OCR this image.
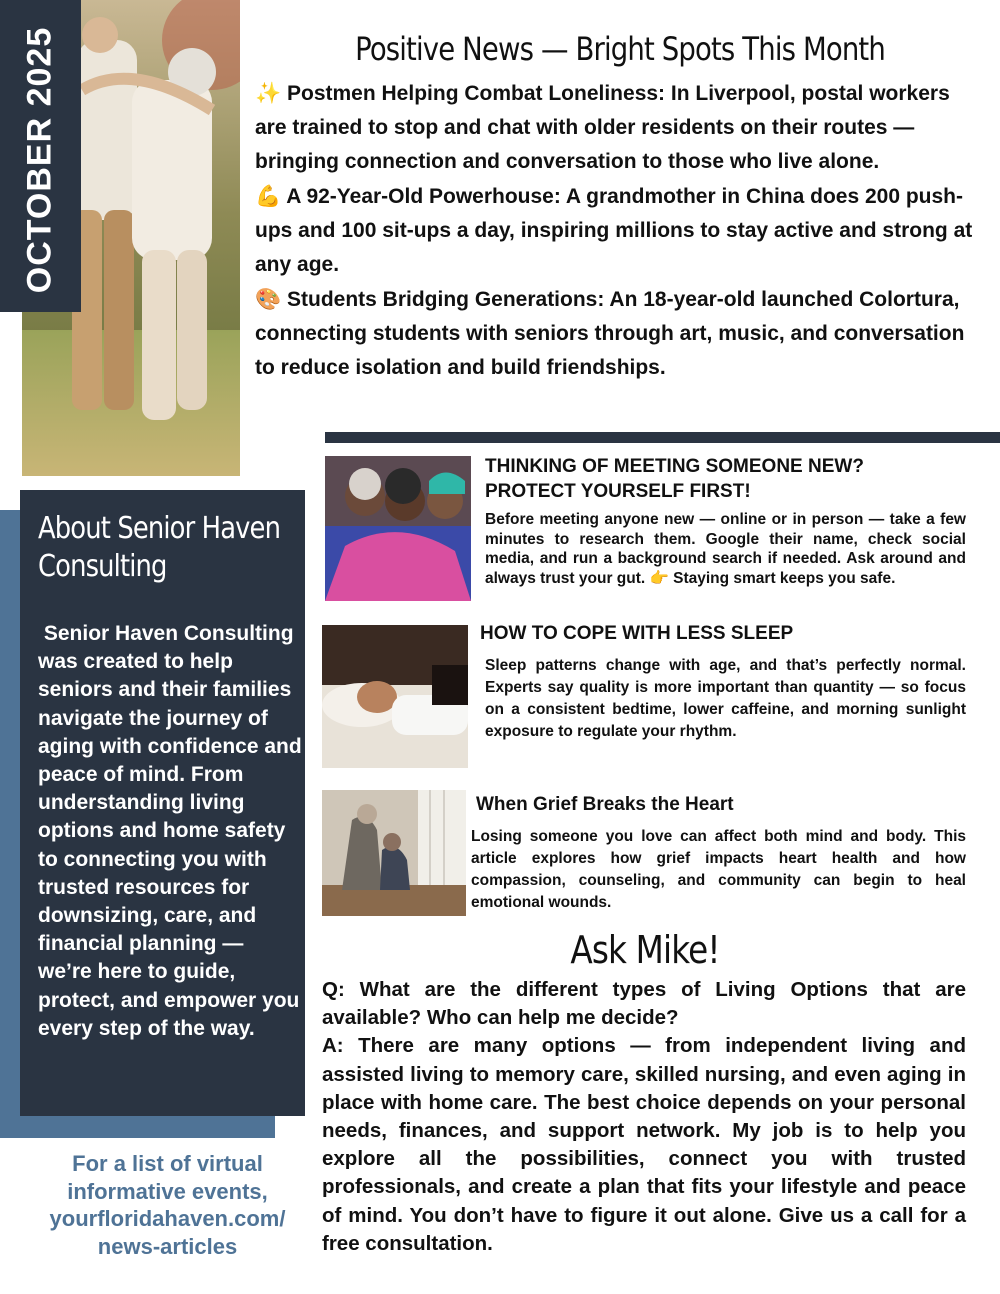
OCTOBER 2025	Positive News — Bright Spots This Month

✨ Postmen Helping Combat Loneliness: In Liverpool, postal workers are trained to stop and chat with older residents on their routes — bringing connection and conversation to those who live alone.

💪 A 92-Year-Old Powerhouse: A grandmother in China does 200 push-ups and 100 sit-ups a day, inspiring millions to stay active and strong at any age.

🎨 Students Bridging Generations: An 18-year-old launched Colortura, connecting students with seniors through art, music, and conversation to reduce isolation and build friendships.

About Senior Haven Consulting
Senior Haven Consulting was created to help seniors and their families navigate the journey of aging with confidence and peace of mind. From understanding living options and home safety to connecting you with trusted resources for downsizing, care, and financial planning — we’re here to guide, protect, and empower you every step of the way.
For a list of virtual informative events, yourfloridahaven.com/ news-articles
THINKING OF MEETING SOMEONE NEW?
PROTECT YOURSELF FIRST!
Before meeting anyone new — online or in person — take a few minutes to research them. Google their name, check social media, and run a background search if needed. Ask around and always trust your gut. 👉 Staying smart keeps you safe.
HOW TO COPE WITH LESS SLEEP
Sleep patterns change with age, and that’s perfectly normal. Experts say quality is more important than quantity — so focus on a consistent bedtime, lower caffeine, and morning sunlight exposure to regulate your rhythm.
When Grief Breaks the Heart
Losing someone you love can affect both mind and body. This article explores how grief impacts heart health and how compassion, counseling, and community can begin to heal emotional wounds.
Ask Mike!

Q: What are the different types of Living Options that are available? Who can help me decide?

A: There are many options — from independent living and assisted living to memory care, skilled nursing, and even aging in place with home care. The best choice depends on your personal needs, finances, and support network. My job is to help you explore all the possibilities, connect you with trusted professionals, and create a plan that fits your lifestyle and peace of mind. You don’t have to figure it out alone. Give us a call for a free consultation.
